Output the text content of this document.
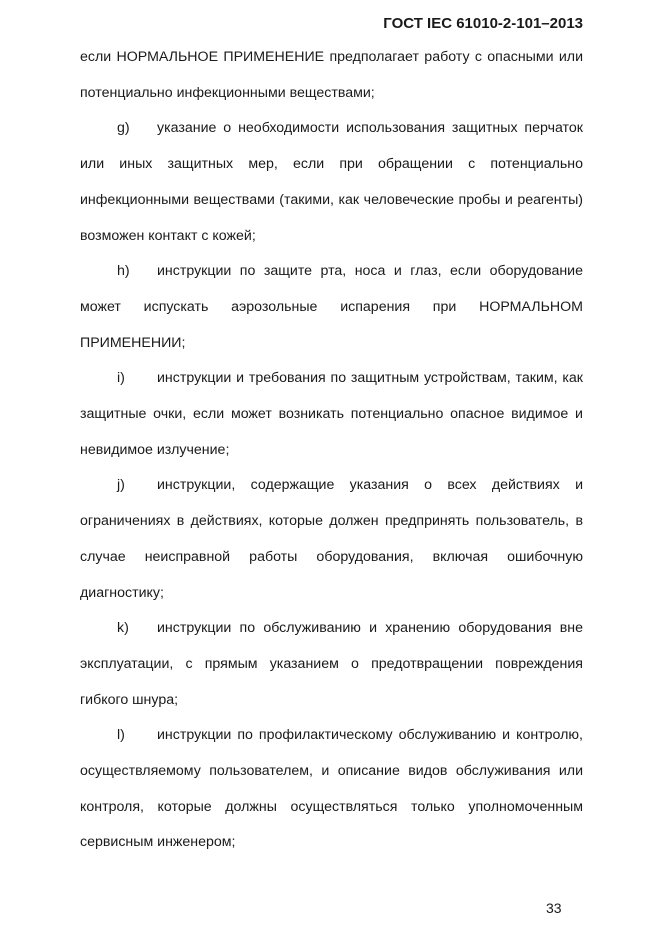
ГОСТ IEC 61010-2-101–2013

если НОРМАЛЬНОЕ ПРИМЕНЕНИЕ предполагает работу с опасными или потенциально инфекционными веществами;

g) указание о необходимости использования защитных перчаток или иных защитных мер, если при обращении с потенциально инфекционными веществами (такими, как человеческие пробы и реагенты) возможен контакт с кожей;

h) инструкции по защите рта, носа и глаз, если оборудование может испускать аэрозольные испарения при НОРМАЛЬНОМ ПРИМЕНЕНИИ;

i) инструкции и требования по защитным устройствам, таким, как защитные очки, если может возникать потенциально опасное видимое и невидимое излучение;

j) инструкции, содержащие указания о всех действиях и ограничениях в действиях, которые должен предпринять пользователь, в случае неисправной работы оборудования, включая ошибочную диагностику;

k) инструкции по обслуживанию и хранению оборудования вне эксплуатации, с прямым указанием о предотвращении повреждения гибкого шнура;

l) инструкции по профилактическому обслуживанию и контролю, осуществляемому пользователем, и описание видов обслуживания или контроля, которые должны осуществляться только уполномоченным сервисным инженером;

33
